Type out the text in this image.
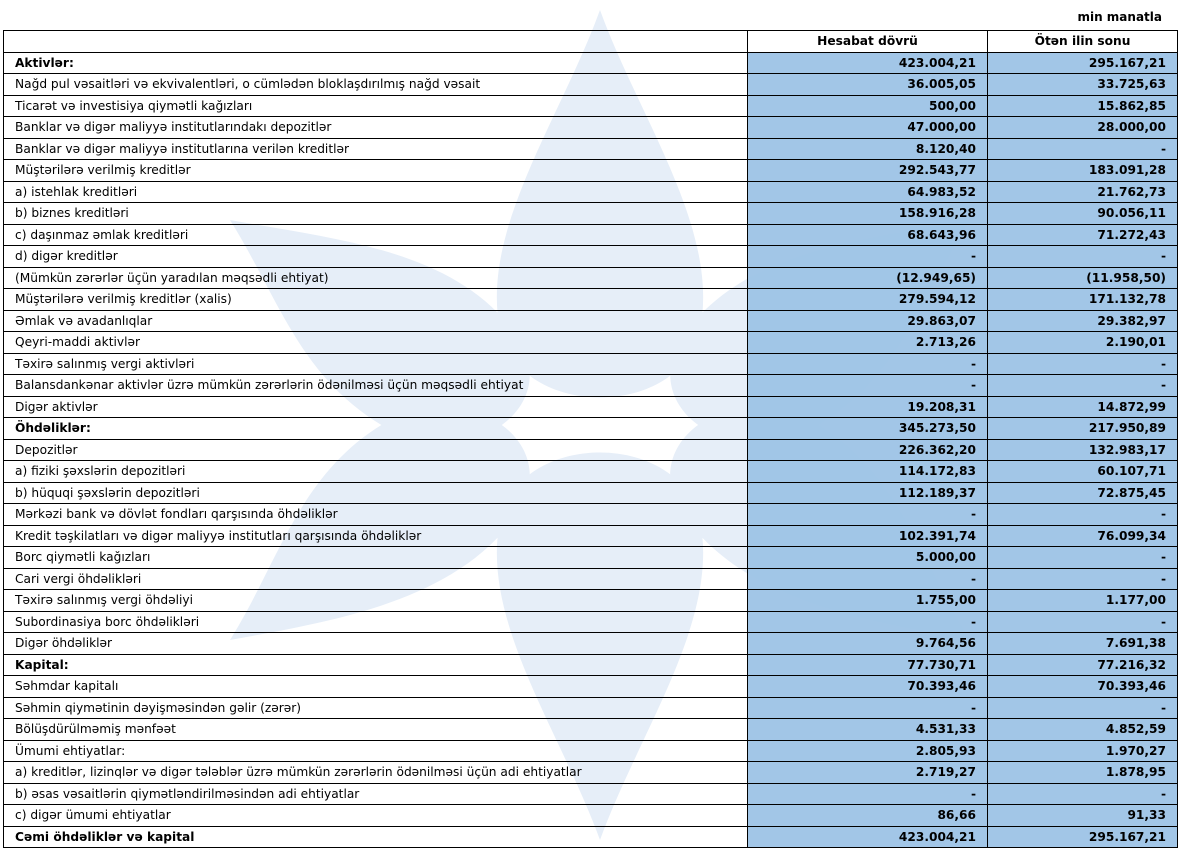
min manatla
	Hesabat dövrü	Ötən ilin sonu
Aktivlər:	423.004,21	295.167,21
Nağd pul vəsaitləri və ekvivalentləri, o cümlədən bloklaşdırılmış nağd vəsait	36.005,05	33.725,63
Ticarət və investisiya qiymətli kağızları	500,00	15.862,85
Banklar və digər maliyyə institutlarındakı depozitlər	47.000,00	28.000,00
Banklar və digər maliyyə institutlarına verilən kreditlər	8.120,40	-
Müştərilərə verilmiş kreditlər	292.543,77	183.091,28
a) istehlak kreditləri	64.983,52	21.762,73
b) biznes kreditləri	158.916,28	90.056,11
c) daşınmaz əmlak kreditləri	68.643,96	71.272,43
d) digər kreditlər	-	-
(Mümkün zərərlər üçün yaradılan məqsədli ehtiyat)	(12.949,65)	(11.958,50)
Müştərilərə verilmiş kreditlər (xalis)	279.594,12	171.132,78
Əmlak və avadanlıqlar	29.863,07	29.382,97
Qeyri-maddi aktivlər	2.713,26	2.190,01
Təxirə salınmış vergi aktivləri	-	-
Balansdankənar aktivlər üzrə mümkün zərərlərin ödənilməsi üçün məqsədli ehtiyat	-	-
Digər aktivlər	19.208,31	14.872,99
Öhdəliklər:	345.273,50	217.950,89
Depozitlər	226.362,20	132.983,17
a) fiziki şəxslərin depozitləri	114.172,83	60.107,71
b) hüquqi şəxslərin depozitləri	112.189,37	72.875,45
Mərkəzi bank və dövlət fondları qarşısında öhdəliklər	-	-
Kredit təşkilatları və digər maliyyə institutları qarşısında öhdəliklər	102.391,74	76.099,34
Borc qiymətli kağızları	5.000,00	-
Cari vergi öhdəlikləri	-	-
Təxirə salınmış vergi öhdəliyi	1.755,00	1.177,00
Subordinasiya borc öhdəlikləri	-	-
Digər öhdəliklər	9.764,56	7.691,38
Kapital:	77.730,71	77.216,32
Səhmdar kapitalı	70.393,46	70.393,46
Səhmin qiymətinin dəyişməsindən gəlir (zərər)	-	-
Bölüşdürülməmiş mənfəət	4.531,33	4.852,59
Ümumi ehtiyatlar:	2.805,93	1.970,27
a) kreditlər, lizinqlər və digər tələblər üzrə mümkün zərərlərin ödənilməsi üçün adi ehtiyatlar	2.719,27	1.878,95
b) əsas vəsaitlərin qiymətləndirilməsindən adi ehtiyatlar	-	-
c) digər ümumi ehtiyatlar	86,66	91,33
Cəmi öhdəliklər və kapital	423.004,21	295.167,21
